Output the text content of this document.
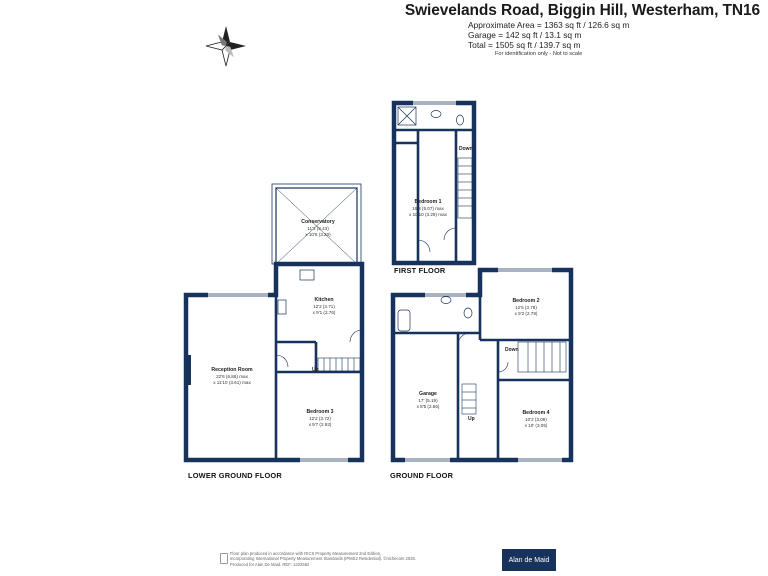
Swievelands Road, Biggin Hill, Westerham, TN16
Approximate Area = 1363 sq ft / 126.6 sq m
Garage = 142 sq ft / 13.1 sq m
Total = 1505 sq ft / 139.7 sq m
For identification only - Not to scale
LOWER GROUND FLOOR	GROUND FLOOR
FIRST FLOOR
Conservatory
11'3 (3.43)
x 10'6 (3.20)
Kitchen
12'2 (3.71)
x 9'1 (2.76)
Reception Room
22'6 (6.86) max
x 11'10 (3.61) max
Bedroom 3
12'2 (3.72)
x 9'7 (2.93)
Bedroom 1
16'8 (5.07) max
x 10'10 (3.29) max
Bedroom 2
12'5 (3.78)
x 9'2 (2.79)
Bedroom 4
10'2 (3.09)
x 10' (3.05)
Garage
17' (5.19)
x 8'5 (2.56)
Up
Up
Down
Down
Floor plan produced in accordance with RICS Property Measurement 2nd Edition,
Incorporating International Property Measurement Standards (IPMS2 Residential). ©nichecom 2025.
Produced for Alan De Maid. REF: 1322562
Alan de Maid
